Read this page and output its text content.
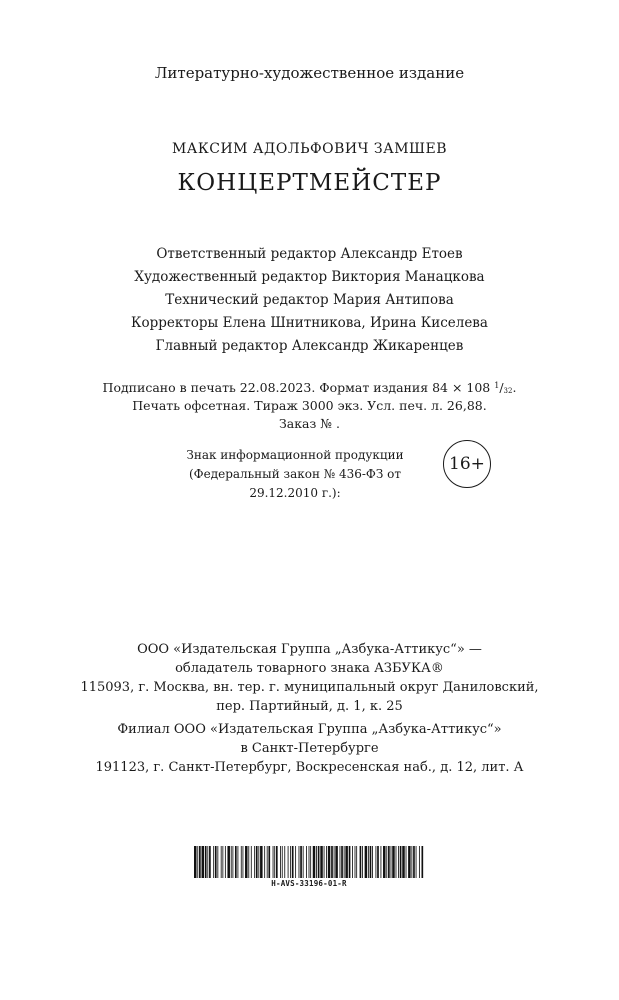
Литературно-художественное издание
МАКСИМ АДОЛЬФОВИЧ ЗАМШЕВ
КОНЦЕРТМЕЙСТЕР
Ответственный редактор Александр Етоев
Художественный редактор Виктория Манацкова
Технический редактор Мария Антипова
Корректоры Елена Шнитникова, Ирина Киселева
Главный редактор Александр Жикаренцев
Подписано в печать 22.08.2023. Формат издания 84 × 108 $^1/_{32}$.
Печать офсетная. Тираж 3000 экз. Усл. печ. л. 26,88.
Заказ № .
Знак информационной продукции
(Федеральный закон № 436-ФЗ от 29.12.2010 г.):
16+
ООО «Издательская Группа „Азбука-Аттикус“» —
обладатель товарного знака АЗБУКА®
115093, г. Москва, вн. тер. г. муниципальный округ Даниловский,
пер. Партийный, д. 1, к. 25
Филиал ООО «Издательская Группа „Азбука-Аттикус“»
в Санкт-Петербурге
191123, г. Санкт-Петербург, Воскресенская наб., д. 12, лит. А
H-AVS-33196-01-R
